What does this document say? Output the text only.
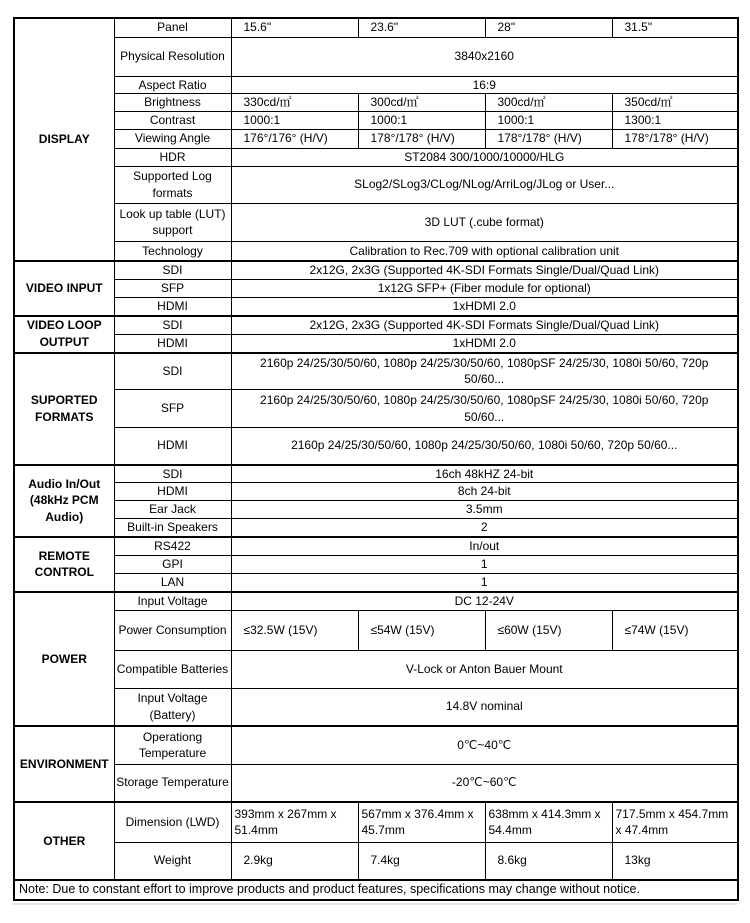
DISPLAY	Panel	15.6"	23.6"	28"	31.5"
	Physical Resolution	3840x2160			
	Aspect Ratio	16:9			
	Brightness	330cd/㎡	300cd/㎡	300cd/㎡	350cd/㎡
	Contrast	1000:1	1000:1	1000:1	1300:1
	Viewing Angle	176°/176° (H/V)	178°/178° (H/V)	178°/178° (H/V)	178°/178° (H/V)
	HDR	ST2084 300/1000/10000/HLG			
	Supported Log formats	SLog2/SLog3/CLog/NLog/ArriLog/JLog or User...			
	Look up table (LUT) support	3D LUT (.cube format)			
	Technology	Calibration to Rec.709 with optional calibration unit			
VIDEO INPUT	SDI	2x12G, 2x3G (Supported 4K-SDI Formats Single/Dual/Quad Link)			
	SFP	1x12G SFP+ (Fiber module for optional)			
	HDMI	1xHDMI 2.0			
VIDEO LOOP OUTPUT	SDI	2x12G, 2x3G (Supported 4K-SDI Formats Single/Dual/Quad Link)			
	HDMI	1xHDMI 2.0			
SUPORTED FORMATS	SDI	2160p 24/25/30/50/60, 1080p 24/25/30/50/60, 1080pSF 24/25/30, 1080i 50/60, 720p 50/60...			
	SFP	2160p 24/25/30/50/60, 1080p 24/25/30/50/60, 1080pSF 24/25/30, 1080i 50/60, 720p 50/60...			
	HDMI	2160p 24/25/30/50/60, 1080p 24/25/30/50/60, 1080i 50/60, 720p 50/60...			
Audio In/Out (48kHz PCM Audio)	SDI	16ch 48kHZ 24-bit			
	HDMI	8ch 24-bit			
	Ear Jack	3.5mm			
	Built-in Speakers	2			
REMOTE CONTROL	RS422	In/out			
	GPI	1			
	LAN	1			
POWER	Input Voltage	DC 12-24V			
	Power Consumption	≤32.5W (15V)	≤54W (15V)	≤60W (15V)	≤74W (15V)
	Compatible Batteries	V-Lock or Anton Bauer Mount			
	Input Voltage (Battery)	14.8V nominal			
ENVIRONMENT	Operationg Temperature	0℃~40℃			
	Storage Temperature	-20℃~60℃			
OTHER	Dimension (LWD)	393mm x 267mm x 51.4mm	567mm x 376.4mm x 45.7mm	638mm x 414.3mm x 54.4mm	717.5mm x 454.7mm x 47.4mm
	Weight	2.9kg	7.4kg	8.6kg	13kg
Note: Due to constant effort to improve products and product features, specifications may change without notice.					
